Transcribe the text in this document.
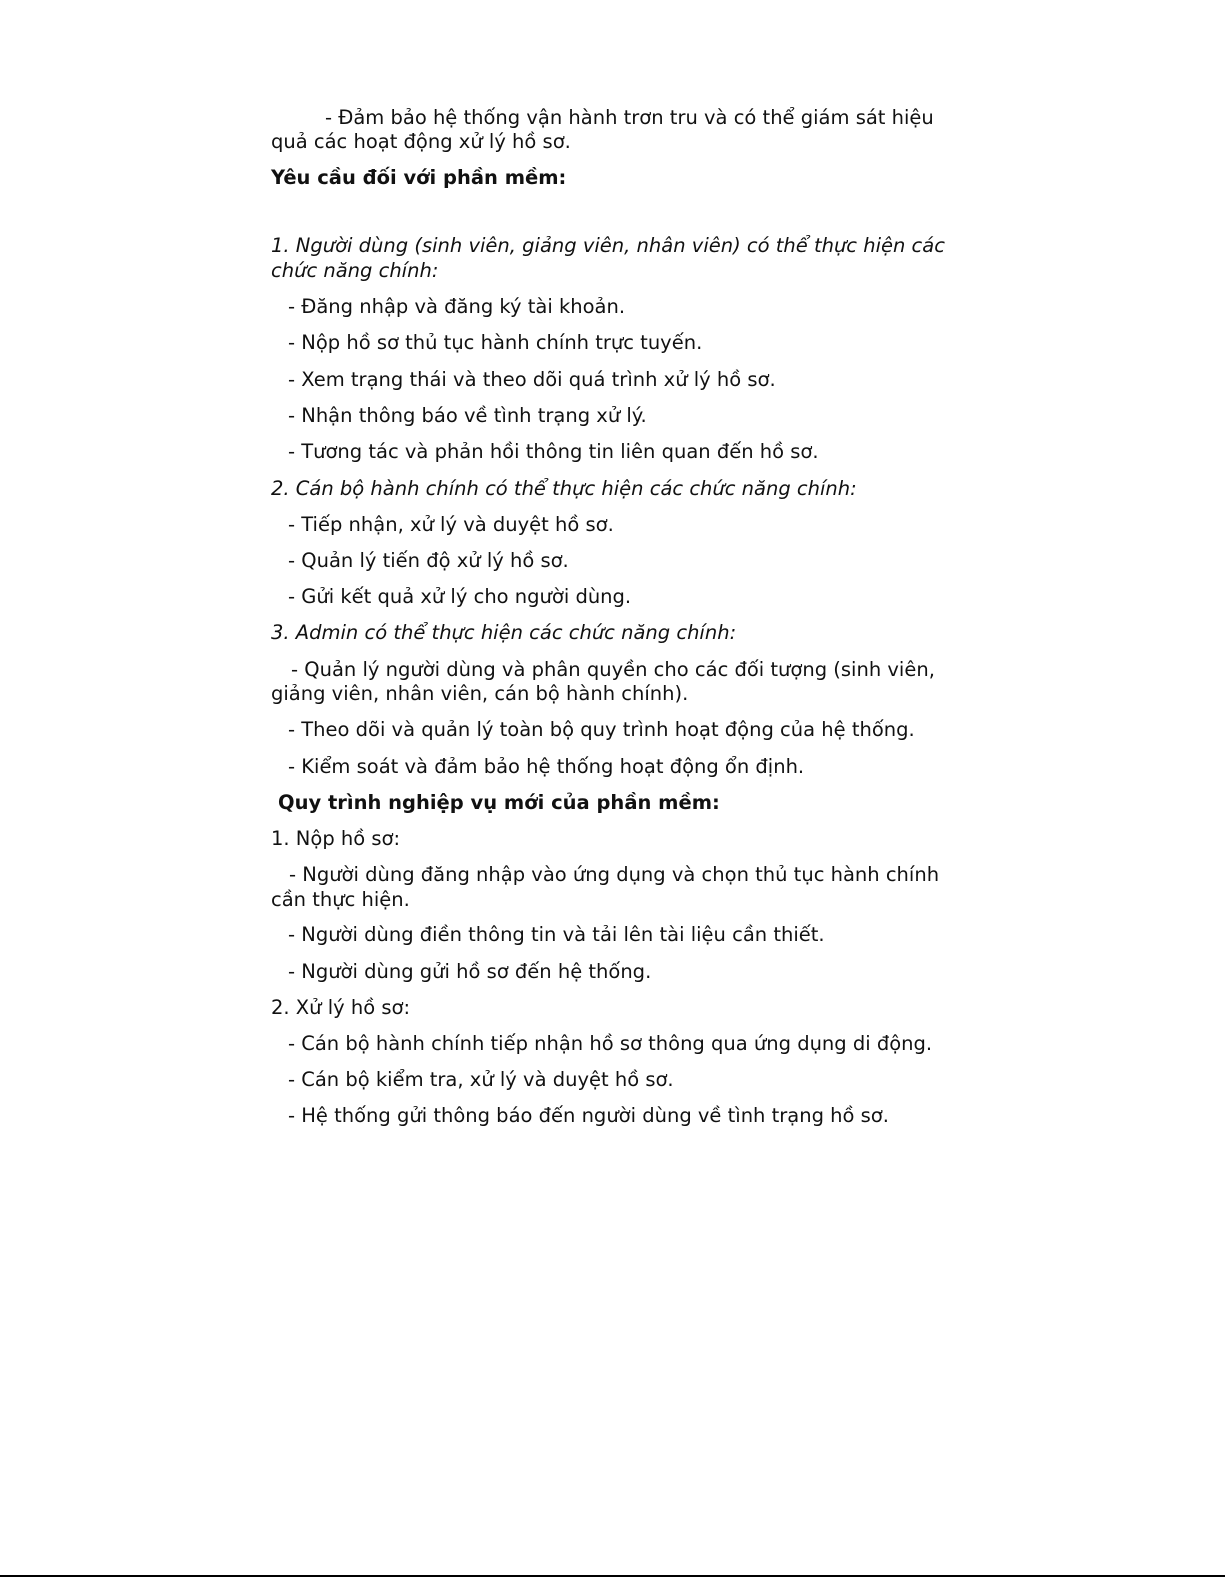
- Đảm bảo hệ thống vận hành trơn tru và có thể giám sát hiệu

quả các hoạt động xử lý hồ sơ.

Yêu cầu đối với phần mềm:

1. Người dùng (sinh viên, giảng viên, nhân viên) có thể thực hiện các

chức năng chính:

- Đăng nhập và đăng ký tài khoản.

- Nộp hồ sơ thủ tục hành chính trực tuyến.

- Xem trạng thái và theo dõi quá trình xử lý hồ sơ.

- Nhận thông báo về tình trạng xử lý.

- Tương tác và phản hồi thông tin liên quan đến hồ sơ.

2. Cán bộ hành chính có thể thực hiện các chức năng chính:

- Tiếp nhận, xử lý và duyệt hồ sơ.

- Quản lý tiến độ xử lý hồ sơ.

- Gửi kết quả xử lý cho người dùng.

3. Admin có thể thực hiện các chức năng chính:

- Quản lý người dùng và phân quyền cho các đối tượng (sinh viên,

giảng viên, nhân viên, cán bộ hành chính).

- Theo dõi và quản lý toàn bộ quy trình hoạt động của hệ thống.

- Kiểm soát và đảm bảo hệ thống hoạt động ổn định.

Quy trình nghiệp vụ mới của phần mềm:

1. Nộp hồ sơ:

- Người dùng đăng nhập vào ứng dụng và chọn thủ tục hành chính

cần thực hiện.

- Người dùng điền thông tin và tải lên tài liệu cần thiết.

- Người dùng gửi hồ sơ đến hệ thống.

2. Xử lý hồ sơ:

- Cán bộ hành chính tiếp nhận hồ sơ thông qua ứng dụng di động.

- Cán bộ kiểm tra, xử lý và duyệt hồ sơ.

- Hệ thống gửi thông báo đến người dùng về tình trạng hồ sơ.
